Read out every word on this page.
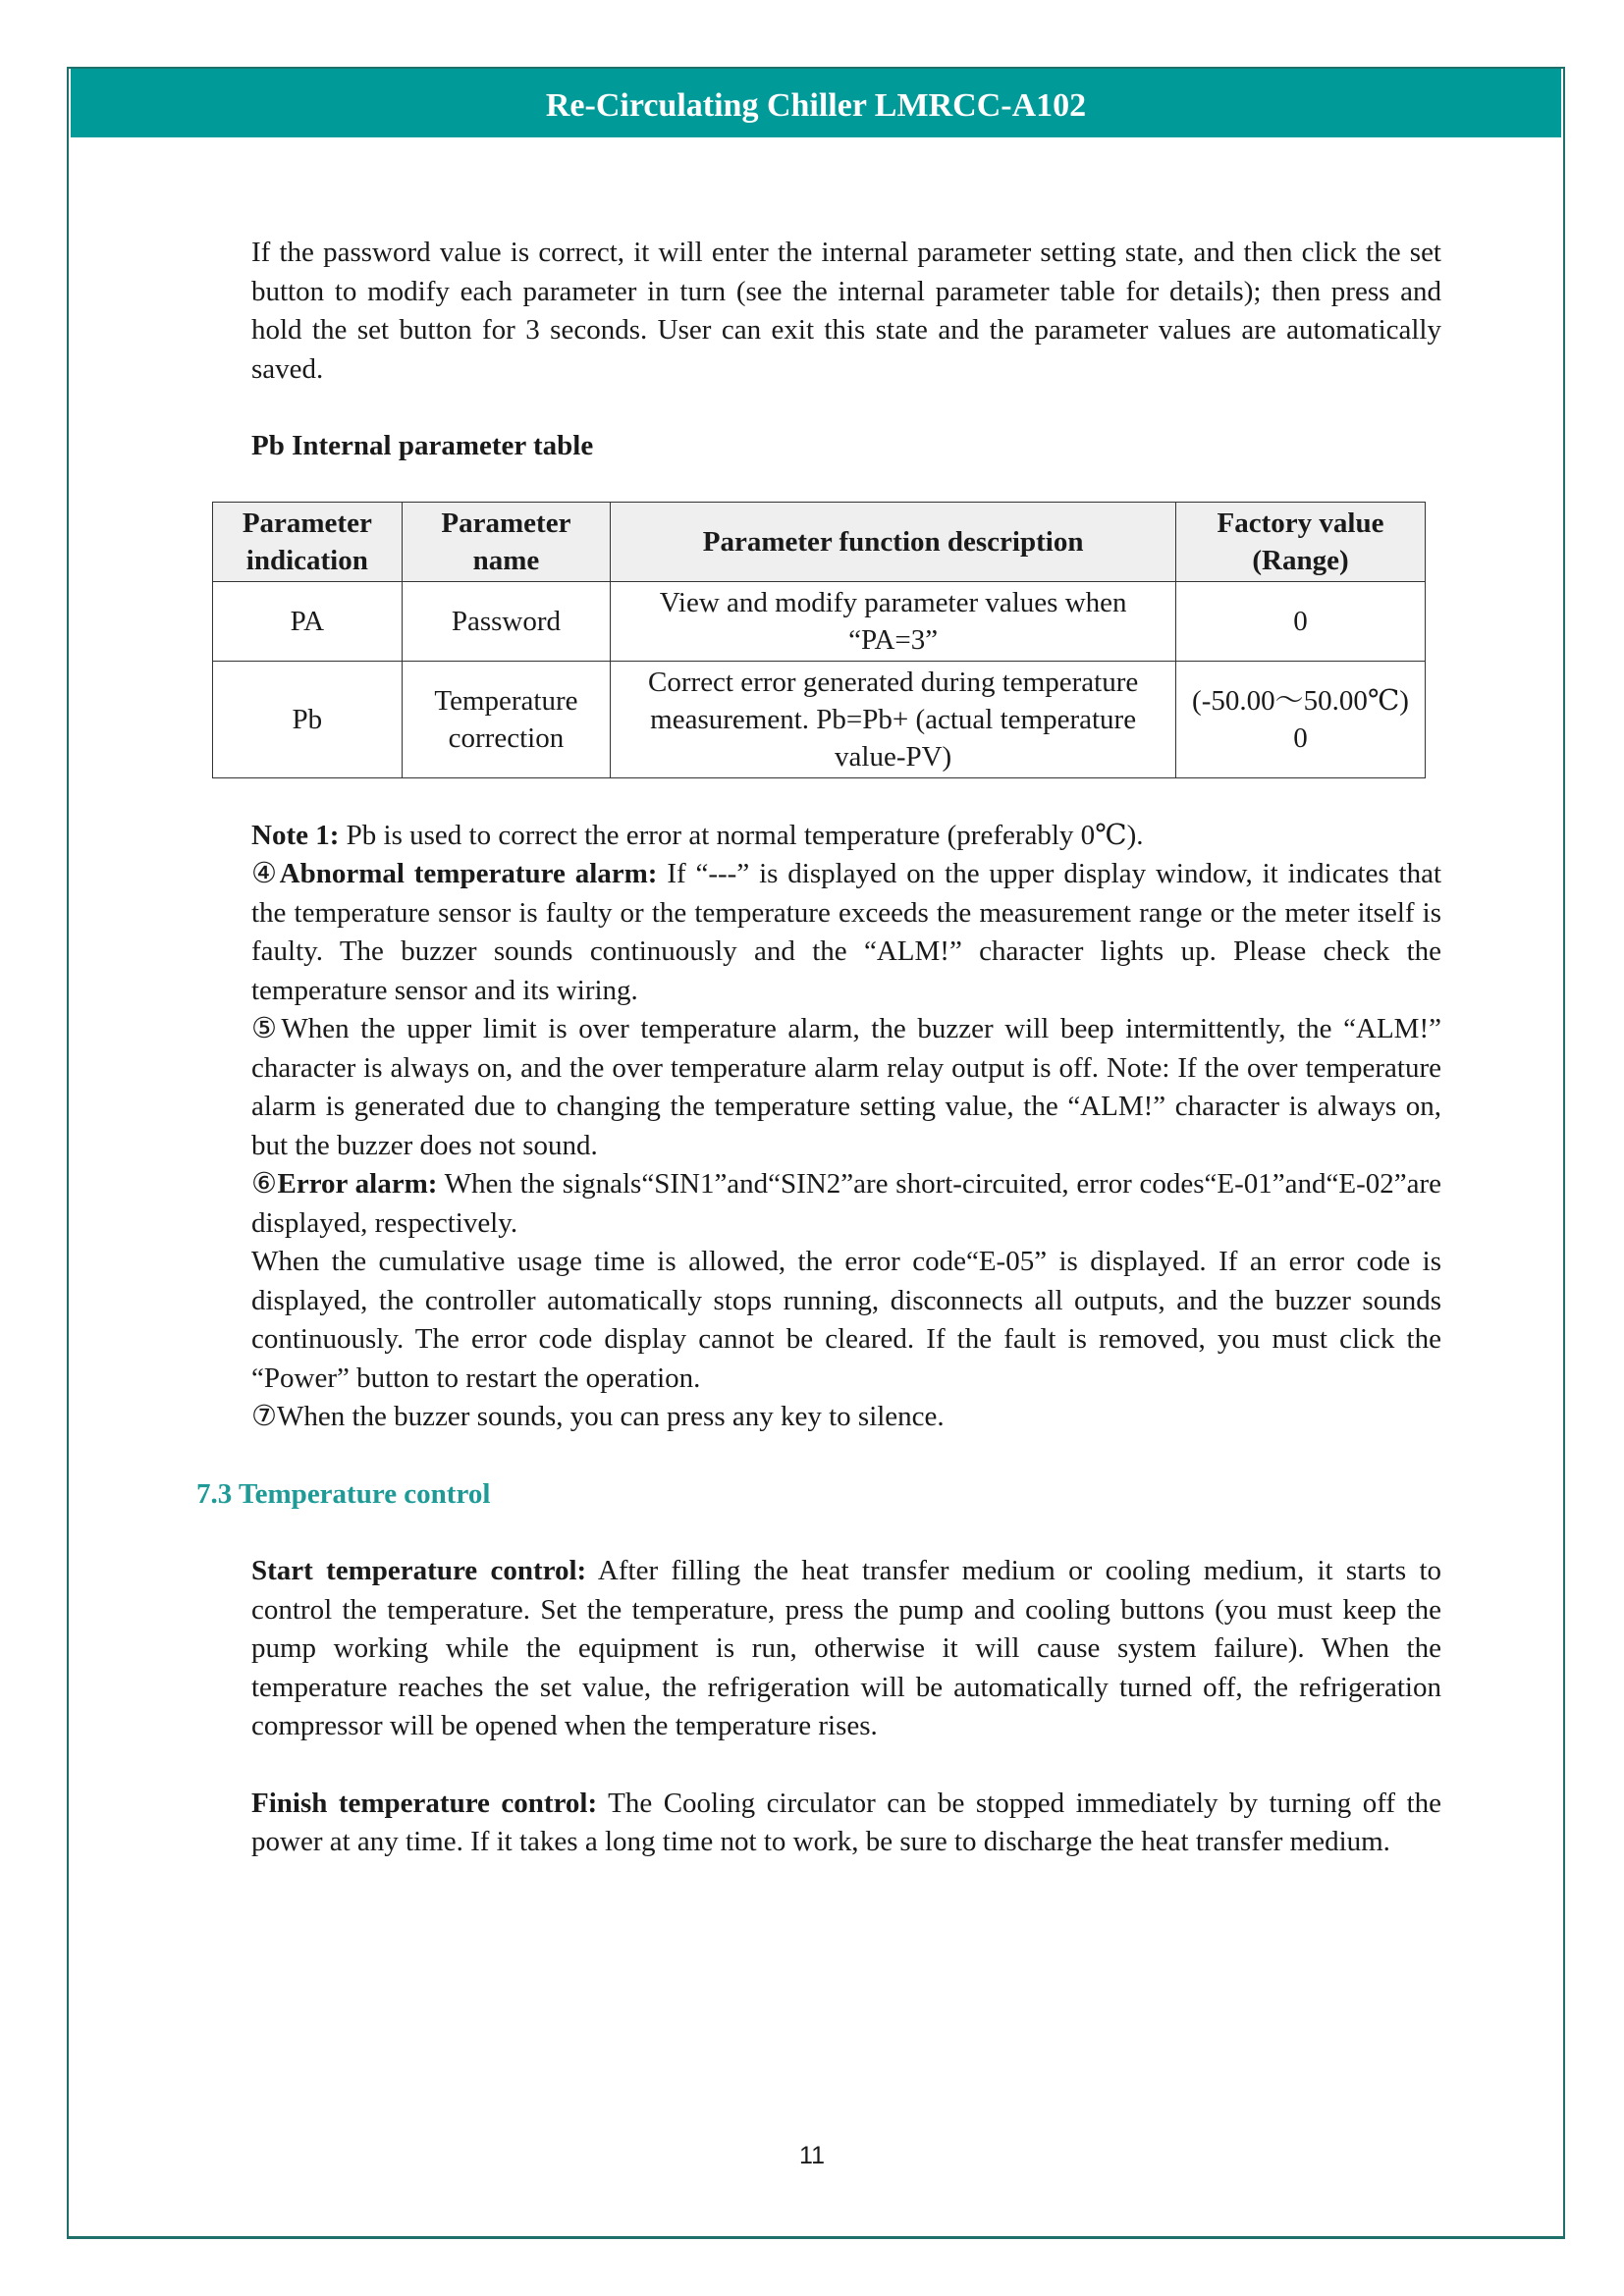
Re-Circulating Chiller LMRCC-A102

If the password value is correct, it will enter the internal parameter setting state, and then click the set button to modify each parameter in turn (see the internal parameter table for details); then press and hold the set button for 3 seconds. User can exit this state and the parameter values are automatically saved.

Pb Internal parameter table

Parameter indication	Parameter name	Parameter function description	Factory value (Range)
PA	Password	View and modify parameter values when “PA=3”	0
Pb	Temperature correction	Correct error generated during temperature measurement. Pb=Pb+ (actual temperature value-PV)	(-50.00～50.00℃) 0

Note 1: Pb is used to correct the error at normal temperature (preferably 0℃).

④Abnormal temperature alarm: If “---” is displayed on the upper display window, it indicates that the temperature sensor is faulty or the temperature exceeds the measurement range or the meter itself is faulty. The buzzer sounds continuously and the “ALM!” character lights up. Please check the temperature sensor and its wiring.

⑤When the upper limit is over temperature alarm, the buzzer will beep intermittently, the “ALM!” character is always on, and the over temperature alarm relay output is off. Note: If the over temperature alarm is generated due to changing the temperature setting value, the “ALM!” character is always on, but the buzzer does not sound.

⑥Error alarm: When the signals“SIN1”and“SIN2”are short-circuited, error codes“E-01”and“E-02”are displayed, respectively.

When the cumulative usage time is allowed, the error code“E-05” is displayed. If an error code is displayed, the controller automatically stops running, disconnects all outputs, and the buzzer sounds continuously. The error code display cannot be cleared. If the fault is removed, you must click the “Power” button to restart the operation.

⑦When the buzzer sounds, you can press any key to silence.

7.3 Temperature control

Start temperature control: After filling the heat transfer medium or cooling medium, it starts to control the temperature. Set the temperature, press the pump and cooling buttons (you must keep the pump working while the equipment is run, otherwise it will cause system failure). When the temperature reaches the set value, the refrigeration will be automatically turned off, the refrigeration compressor will be opened when the temperature rises.

Finish temperature control: The Cooling circulator can be stopped immediately by turning off the power at any time. If it takes a long time not to work, be sure to discharge the heat transfer medium.

11
